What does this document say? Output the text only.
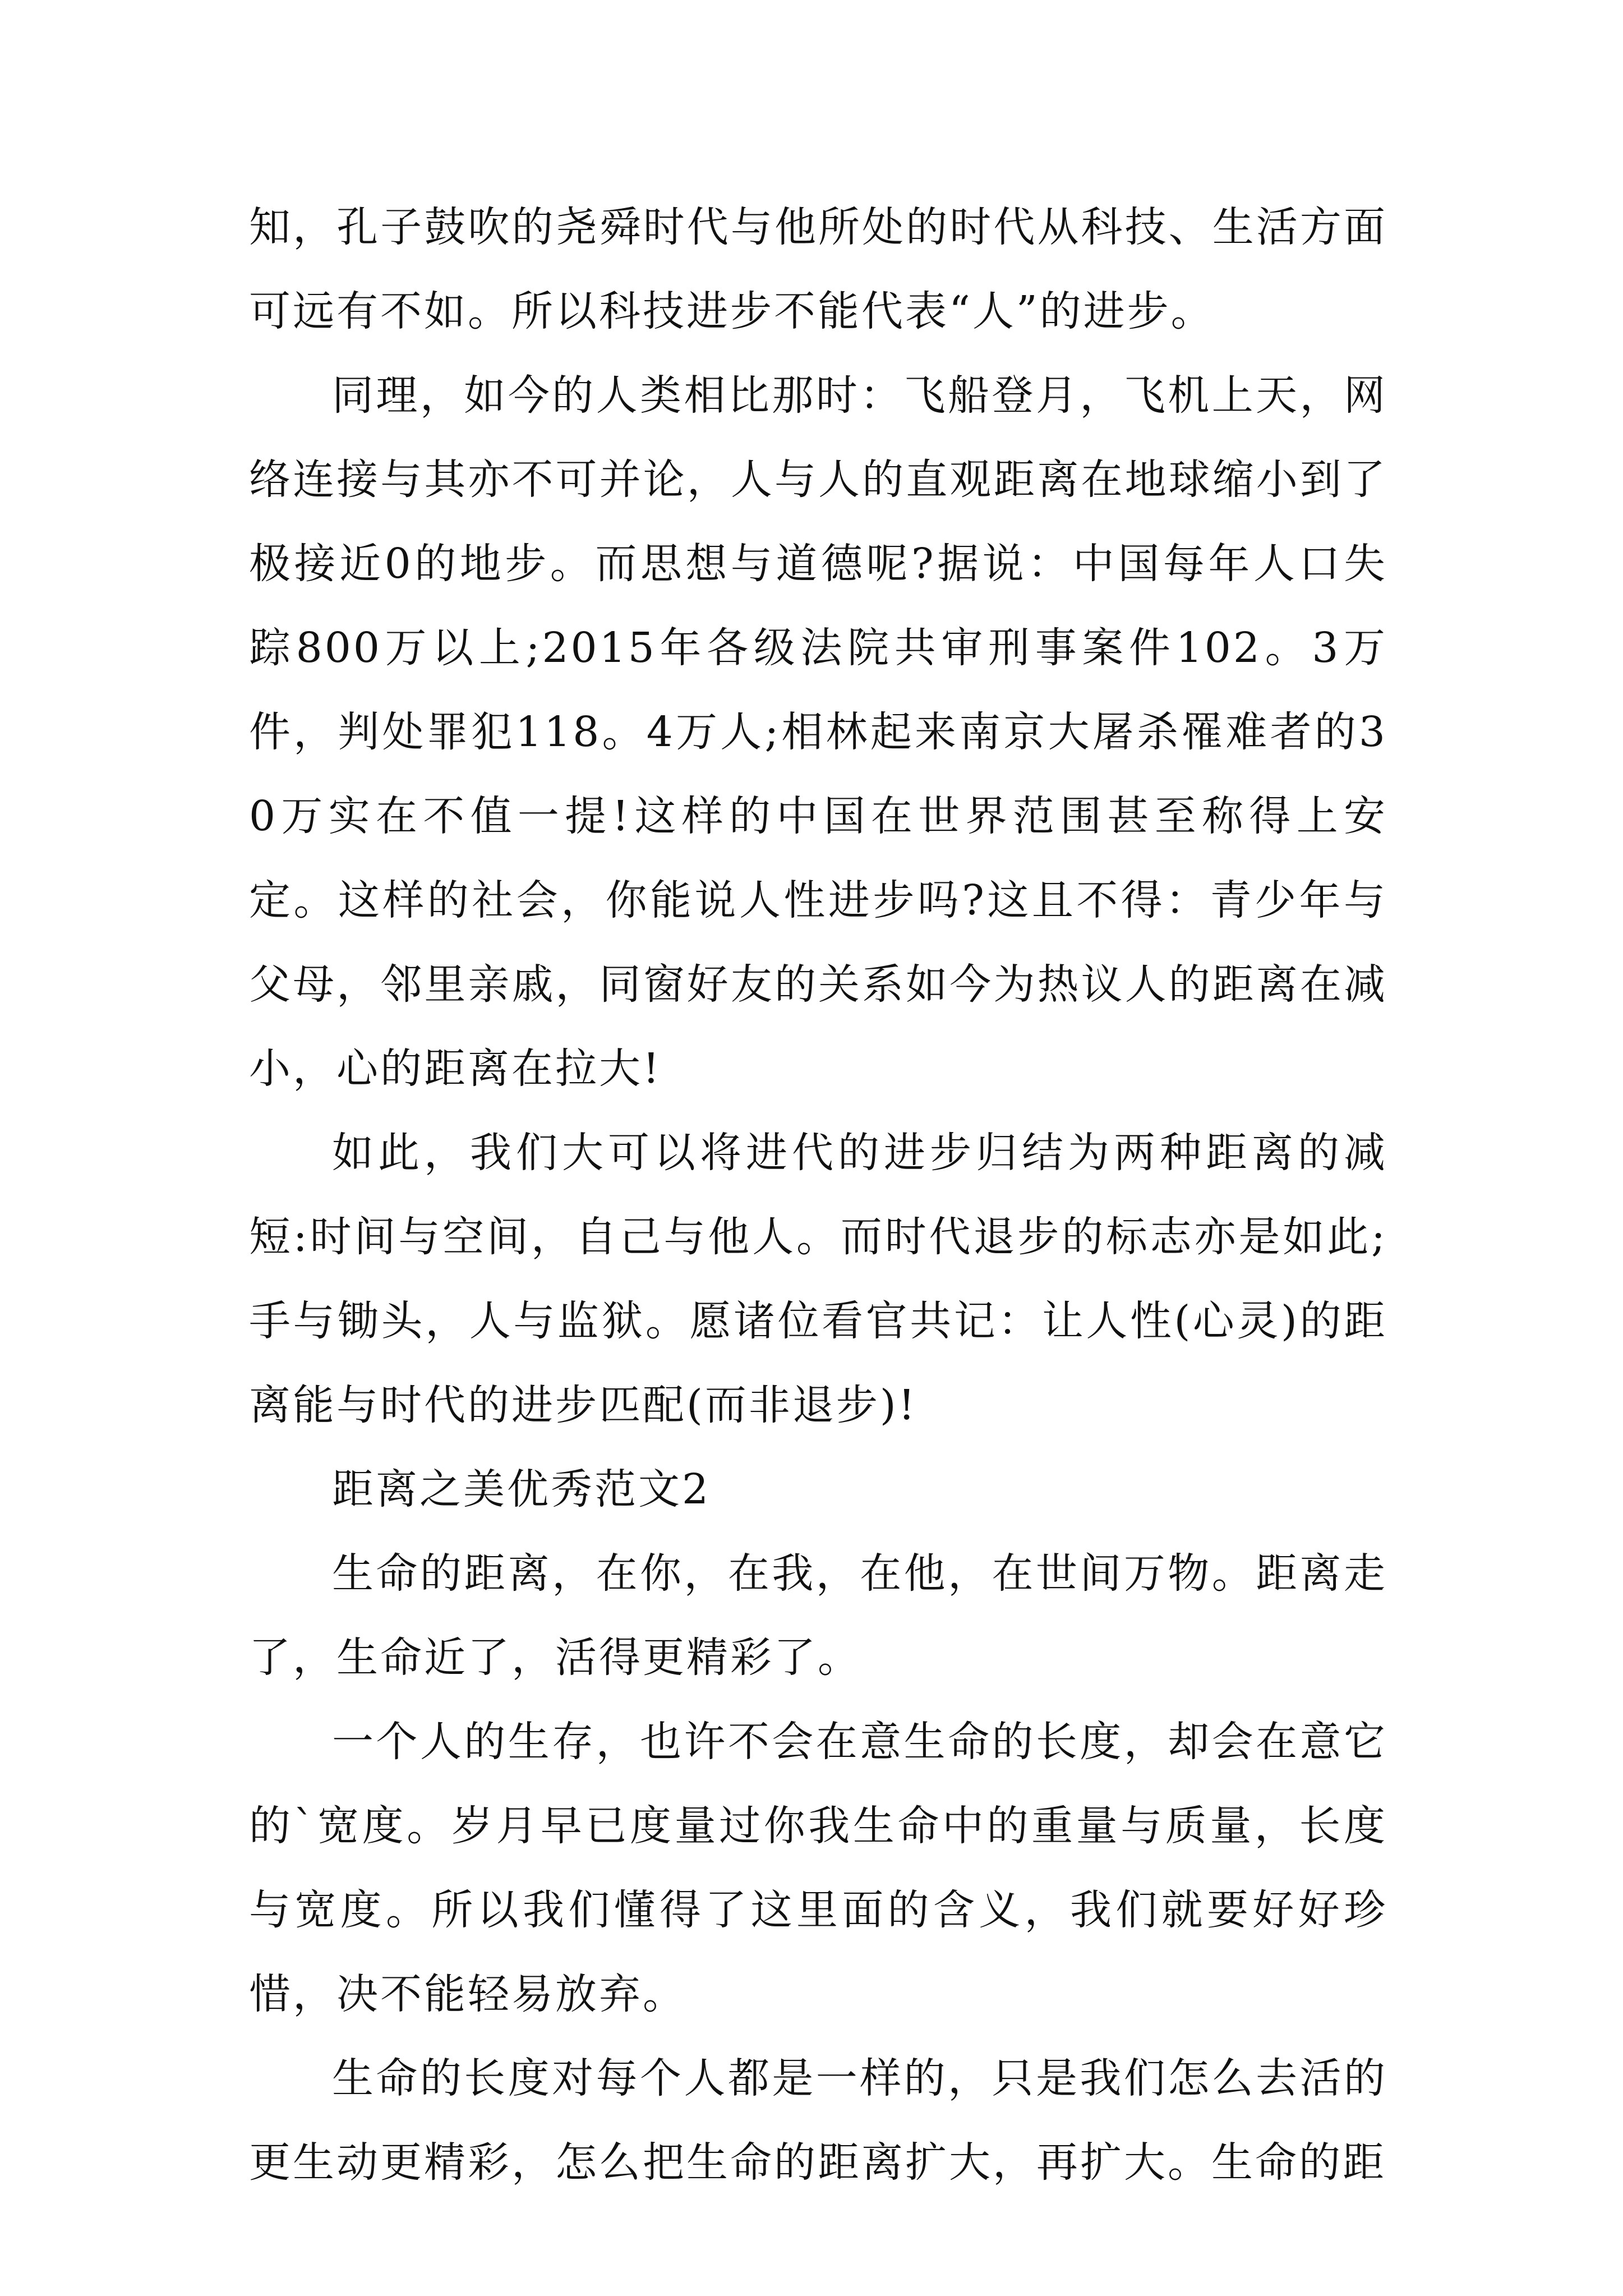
知，孔子鼓吹的尧舜时代与他所处的时代从科技、生活方面可远有不如。所以科技进步不能代表“人”的进步。

同理，如今的人类相比那时：飞船登月，飞机上天，网络连接与其亦不可并论，人与人的直观距离在地球缩小到了极接近0的地步。而思想与道德呢?据说：中国每年人口失踪800万以上;2015年各级法院共审刑事案件102。3万件，判处罪犯118。4万人;相林起来南京大屠杀罹难者的30万实在不值一提!这样的中国在世界范围甚至称得上安定。这样的社会，你能说人性进步吗?这且不得：青少年与父母，邻里亲戚，同窗好友的关系如今为热议人的距离在减小，心的距离在拉大!

如此，我们大可以将进代的进步归结为两种距离的减短:时间与空间，自己与他人。而时代退步的标志亦是如此;手与锄头，人与监狱。愿诸位看官共记：让人性(心灵)的距离能与时代的进步匹配(而非退步)!

距离之美优秀范文2

生命的距离，在你，在我，在他，在世间万物。距离走了，生命近了，活得更精彩了。

一个人的生存，也许不会在意生命的长度，却会在意它的`宽度。岁月早已度量过你我生命中的重量与质量，长度与宽度。所以我们懂得了这里面的含义，我们就要好好珍惜，决不能轻易放弃。

生命的长度对每个人都是一样的，只是我们怎么去活的更生动更精彩，怎么把生命的距离扩大，再扩大。生命的距
